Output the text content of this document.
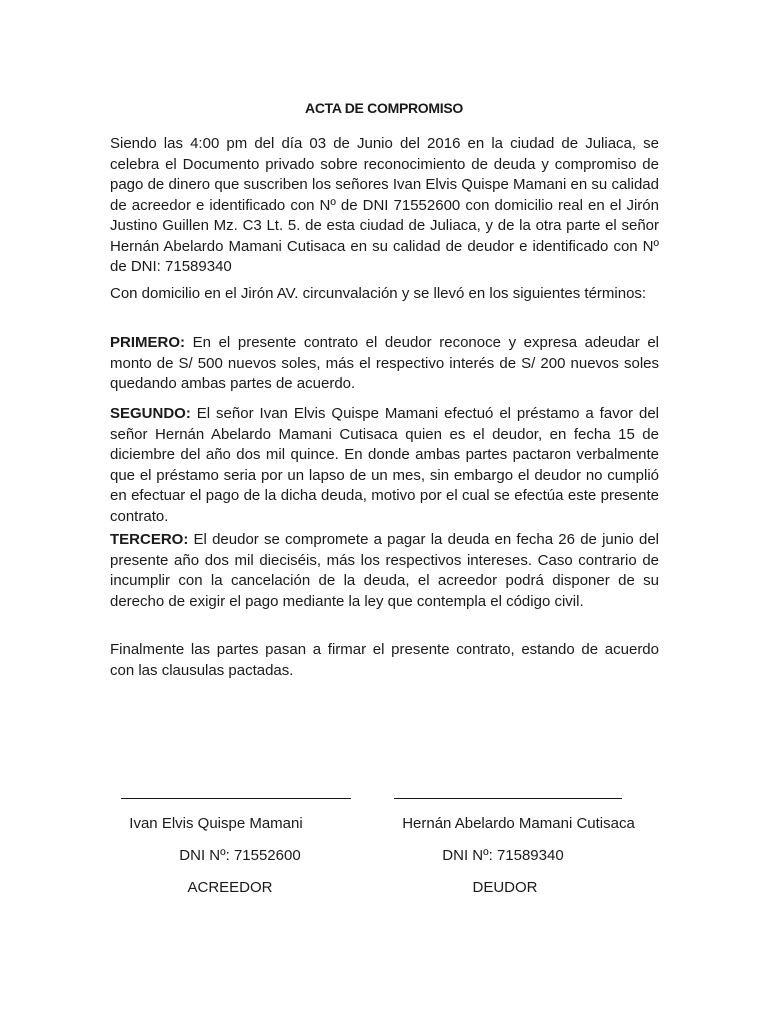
ACTA DE COMPROMISO

Siendo las 4:00 pm del día 03 de Junio del 2016 en la ciudad de Juliaca, se celebra el Documento privado sobre reconocimiento de deuda y compromiso de pago de dinero que suscriben los señores Ivan Elvis Quispe Mamani en su calidad de acreedor e identificado con Nº de DNI 71552600 con domicilio real en el Jirón Justino Guillen Mz. C3 Lt. 5. de esta ciudad de Juliaca, y de la otra parte el señor Hernán Abelardo Mamani Cutisaca en su calidad de deudor e identificado con Nº de DNI: 71589340

Con domicilio en el Jirón AV. circunvalación y se llevó en los siguientes términos:

PRIMERO: En el presente contrato el deudor reconoce y expresa adeudar el monto de S/ 500 nuevos soles, más el respectivo interés de S/ 200 nuevos soles quedando ambas partes de acuerdo.

SEGUNDO: El señor Ivan Elvis Quispe Mamani efectuó el préstamo a favor del señor Hernán Abelardo Mamani Cutisaca quien es el deudor, en fecha 15 de diciembre del año dos mil quince. En donde ambas partes pactaron verbalmente que el préstamo seria por un lapso de un mes, sin embargo el deudor no cumplió en efectuar el pago de la dicha deuda, motivo por el cual se efectúa este presente contrato.

TERCERO: El deudor se compromete a pagar la deuda en fecha 26 de junio del presente año dos mil dieciséis, más los respectivos intereses. Caso contrario de incumplir con la cancelación de la deuda, el acreedor podrá disponer de su derecho de exigir el pago mediante la ley que contempla el código civil.

Finalmente las partes pasan a firmar el presente contrato, estando de acuerdo con las clausulas pactadas.

Ivan Elvis Quispe Mamani
DNI Nº: 71552600
ACREEDOR
Hernán Abelardo Mamani Cutisaca
DNI Nº: 71589340
DEUDOR
